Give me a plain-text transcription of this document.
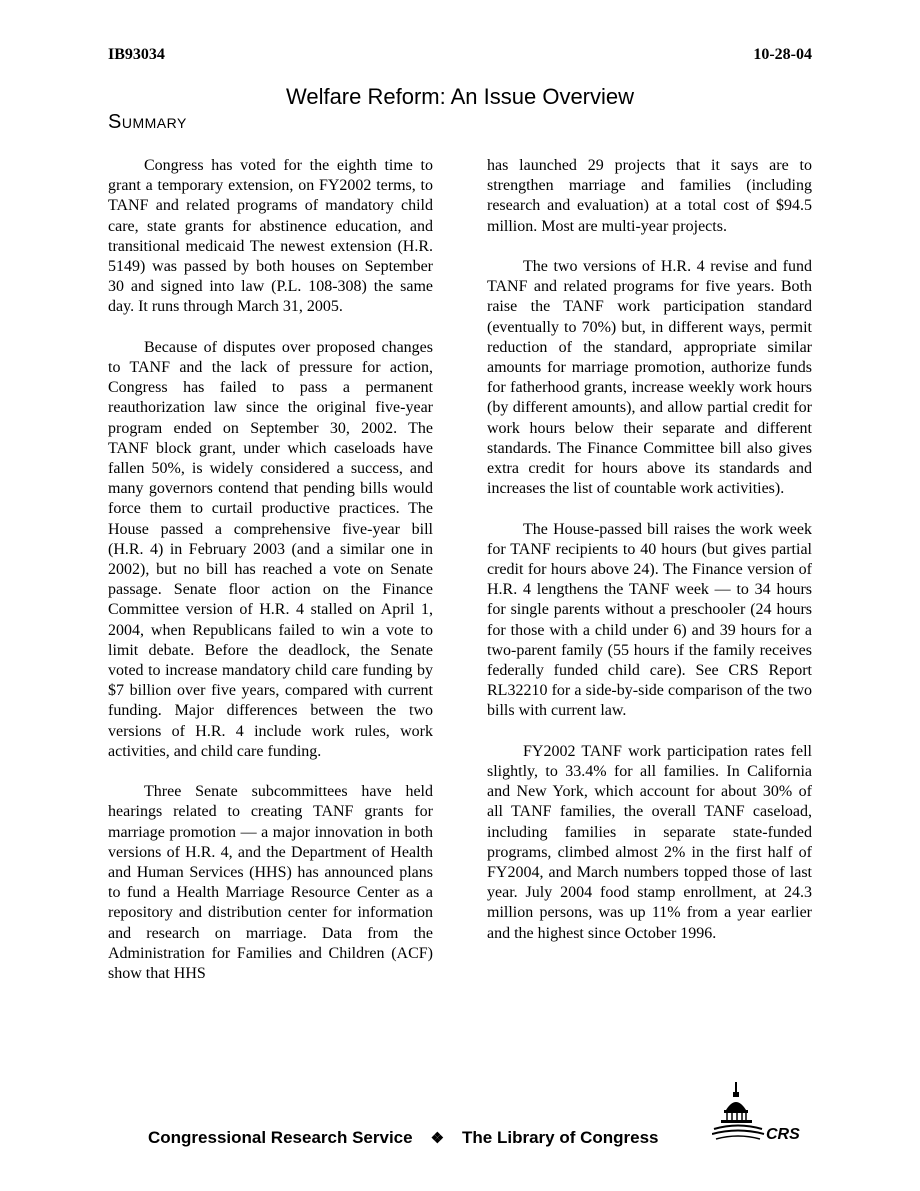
IB93034	10-28-04
Welfare Reform: An Issue Overview
Summary

Congress has voted for the eighth time to grant a temporary extension, on FY2002 terms, to TANF and related programs of mandatory child care, state grants for abstinence education, and transitional medicaid The newest extension (H.R. 5149) was passed by both houses on September 30 and signed into law (P.L. 108-308) the same day. It runs through March 31, 2005.

Because of disputes over proposed changes to TANF and the lack of pressure for action, Congress has failed to pass a permanent reauthorization law since the original five-year program ended on September 30, 2002. The TANF block grant, under which caseloads have fallen 50%, is widely considered a success, and many governors contend that pending bills would force them to curtail productive practices. The House passed a comprehensive five-year bill (H.R. 4) in February 2003 (and a similar one in 2002), but no bill has reached a vote on Senate passage. Senate floor action on the Finance Committee version of H.R. 4 stalled on April 1, 2004, when Republicans failed to win a vote to limit debate. Before the deadlock, the Senate voted to increase mandatory child care funding by $7 billion over five years, compared with current funding. Major differences between the two versions of H.R. 4 include work rules, work activities, and child care funding.

Three Senate subcommittees have held hearings related to creating TANF grants for marriage promotion — a major innovation in both versions of H.R. 4, and the Department of Health and Human Services (HHS) has announced plans to fund a Health Marriage Resource Center as a repository and distribution center for information and research on marriage. Data from the Administration for Families and Children (ACF) show that HHS

has launched 29 projects that it says are to strengthen marriage and families (including research and evaluation) at a total cost of $94.5 million. Most are multi-year projects.

The two versions of H.R. 4 revise and fund TANF and related programs for five years. Both raise the TANF work participation standard (eventually to 70%) but, in different ways, permit reduction of the standard, appropriate similar amounts for marriage promotion, authorize funds for fatherhood grants, increase weekly work hours (by different amounts), and allow partial credit for work hours below their separate and different standards. The Finance Committee bill also gives extra credit for hours above its standards and increases the list of countable work activities).

The House-passed bill raises the work week for TANF recipients to 40 hours (but gives partial credit for hours above 24). The Finance version of H.R. 4 lengthens the TANF week — to 34 hours for single parents without a preschooler (24 hours for those with a child under 6) and 39 hours for a two-parent family (55 hours if the family receives federally funded child care). See CRS Report RL32210 for a side-by-side comparison of the two bills with current law.

FY2002 TANF work participation rates fell slightly, to 33.4% for all families. In California and New York, which account for about 30% of all TANF families, the overall TANF caseload, including families in separate state-funded programs, climbed almost 2% in the first half of FY2004, and March numbers topped those of last year. July 2004 food stamp enrollment, at 24.3 million persons, was up 11% from a year earlier and the highest since October 1996.

Congressional Research Service ❖ The Library of Congress	CRS
